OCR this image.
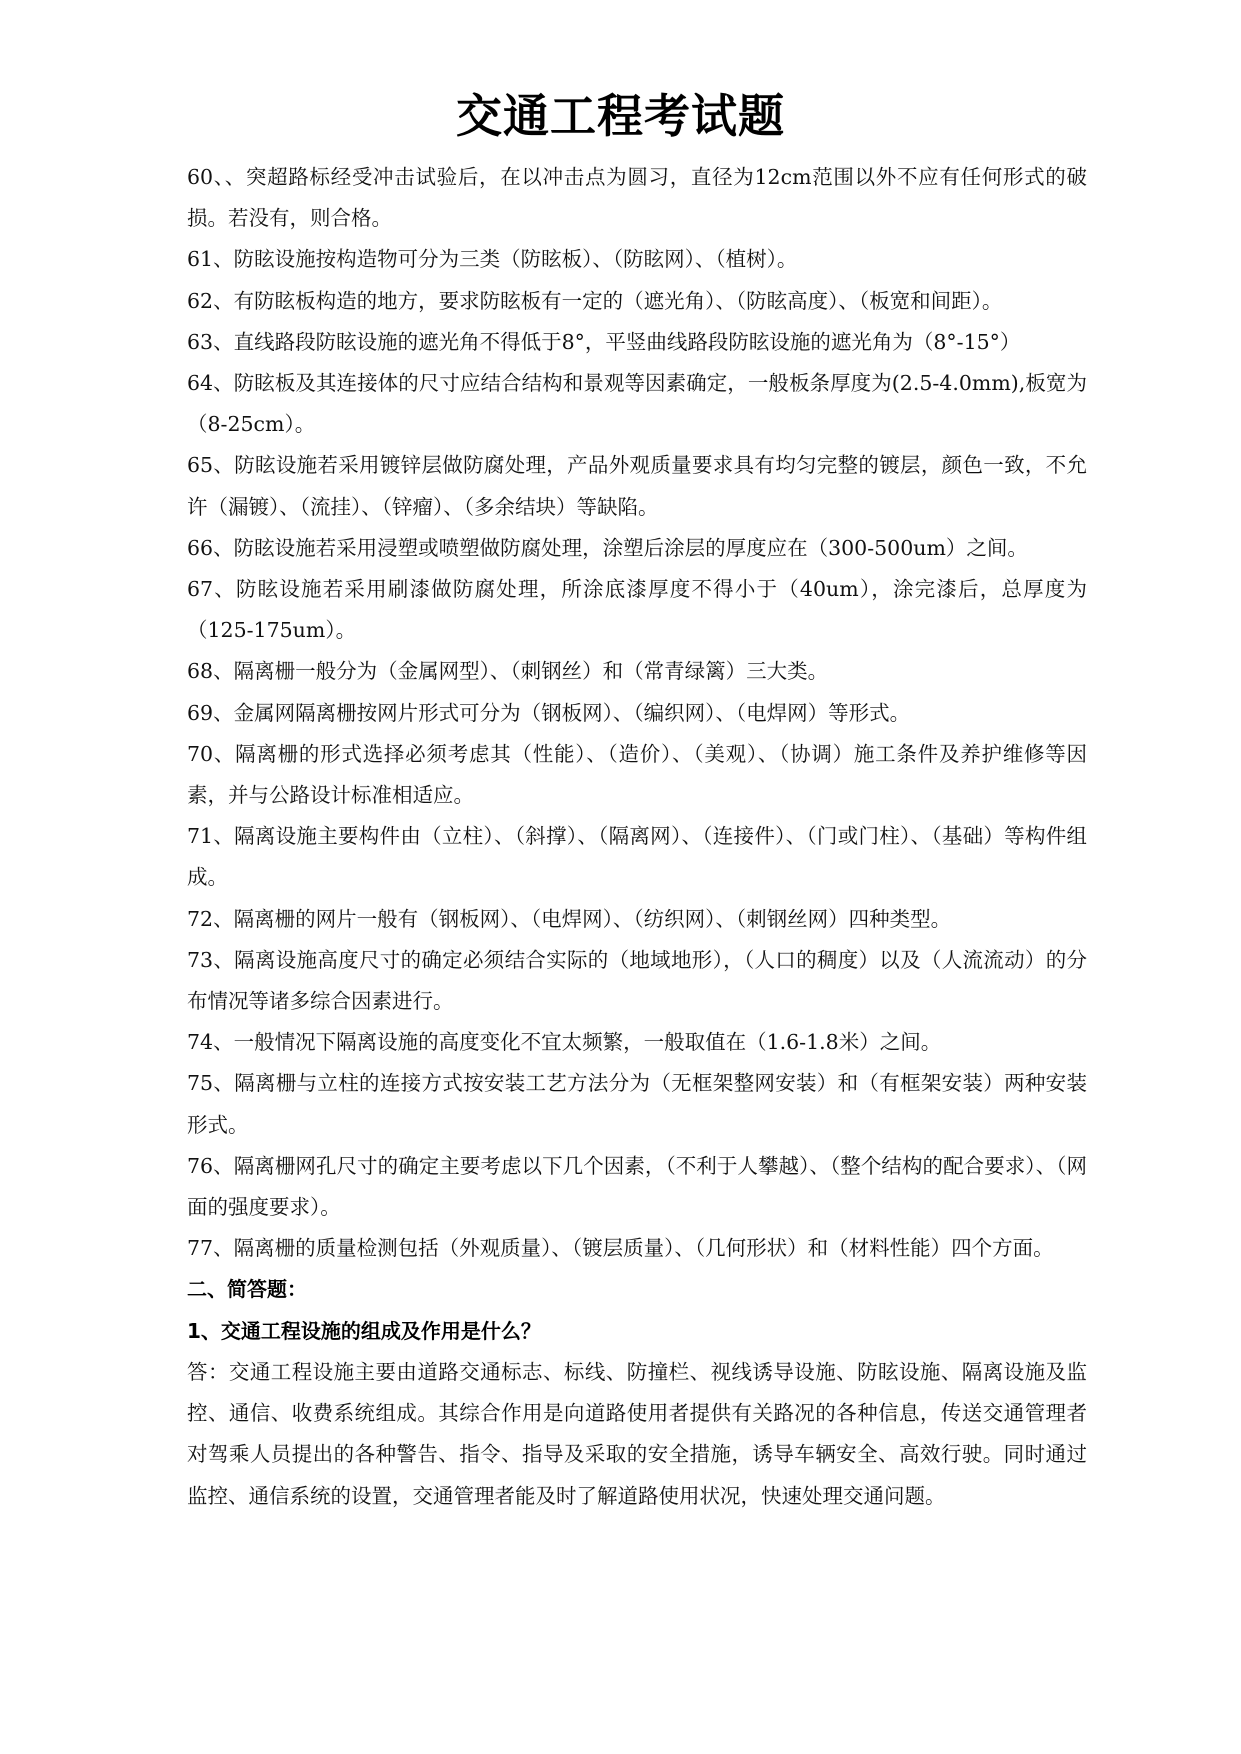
交通工程考试题

60、、突超路标经受冲击试验后，在以冲击点为圆习，直径为12cm范围以外不应有任何形式的破损。若没有，则合格。

61、防眩设施按构造物可分为三类（防眩板）、（防眩网）、（植树）。

62、有防眩板构造的地方，要求防眩板有一定的（遮光角）、（防眩高度）、（板宽和间距）。

63、直线路段防眩设施的遮光角不得低于8°，平竖曲线路段防眩设施的遮光角为（8°-15°）

64、防眩板及其连接体的尺寸应结合结构和景观等因素确定，一般板条厚度为(2.5-4.0mm),板宽为（8-25cm）。

65、防眩设施若采用镀锌层做防腐处理，产品外观质量要求具有均匀完整的镀层，颜色一致，不允许（漏镀）、（流挂）、（锌瘤）、（多余结块）等缺陷。

66、防眩设施若采用浸塑或喷塑做防腐处理，涂塑后涂层的厚度应在（300-500um）之间。

67、防眩设施若采用刷漆做防腐处理，所涂底漆厚度不得小于（40um），涂完漆后，总厚度为（125-175um）。

68、隔离栅一般分为（金属网型）、（刺钢丝）和（常青绿篱）三大类。

69、金属网隔离栅按网片形式可分为（钢板网）、（编织网）、（电焊网）等形式。

70、隔离栅的形式选择必须考虑其（性能）、（造价）、（美观）、（协调）施工条件及养护维修等因素，并与公路设计标准相适应。

71、隔离设施主要构件由（立柱）、（斜撑）、（隔离网）、（连接件）、（门或门柱）、（基础）等构件组成。

72、隔离栅的网片一般有（钢板网）、（电焊网）、（纺织网）、（刺钢丝网）四种类型。

73、隔离设施高度尺寸的确定必须结合实际的（地域地形），（人口的稠度）以及（人流流动）的分布情况等诸多综合因素进行。

74、一般情况下隔离设施的高度变化不宜太频繁，一般取值在（1.6-1.8米）之间。

75、隔离栅与立柱的连接方式按安装工艺方法分为（无框架整网安装）和（有框架安装）两种安装形式。

76、隔离栅网孔尺寸的确定主要考虑以下几个因素，（不利于人攀越）、（整个结构的配合要求）、（网面的强度要求）。

77、隔离栅的质量检测包括（外观质量）、（镀层质量）、（几何形状）和（材料性能）四个方面。

二、简答题：

1、交通工程设施的组成及作用是什么？

答：交通工程设施主要由道路交通标志、标线、防撞栏、视线诱导设施、防眩设施、隔离设施及监控、通信、收费系统组成。其综合作用是向道路使用者提供有关路况的各种信息，传送交通管理者对驾乘人员提出的各种警告、指令、指导及采取的安全措施，诱导车辆安全、高效行驶。同时通过监控、通信系统的设置，交通管理者能及时了解道路使用状况，快速处理交通问题。
